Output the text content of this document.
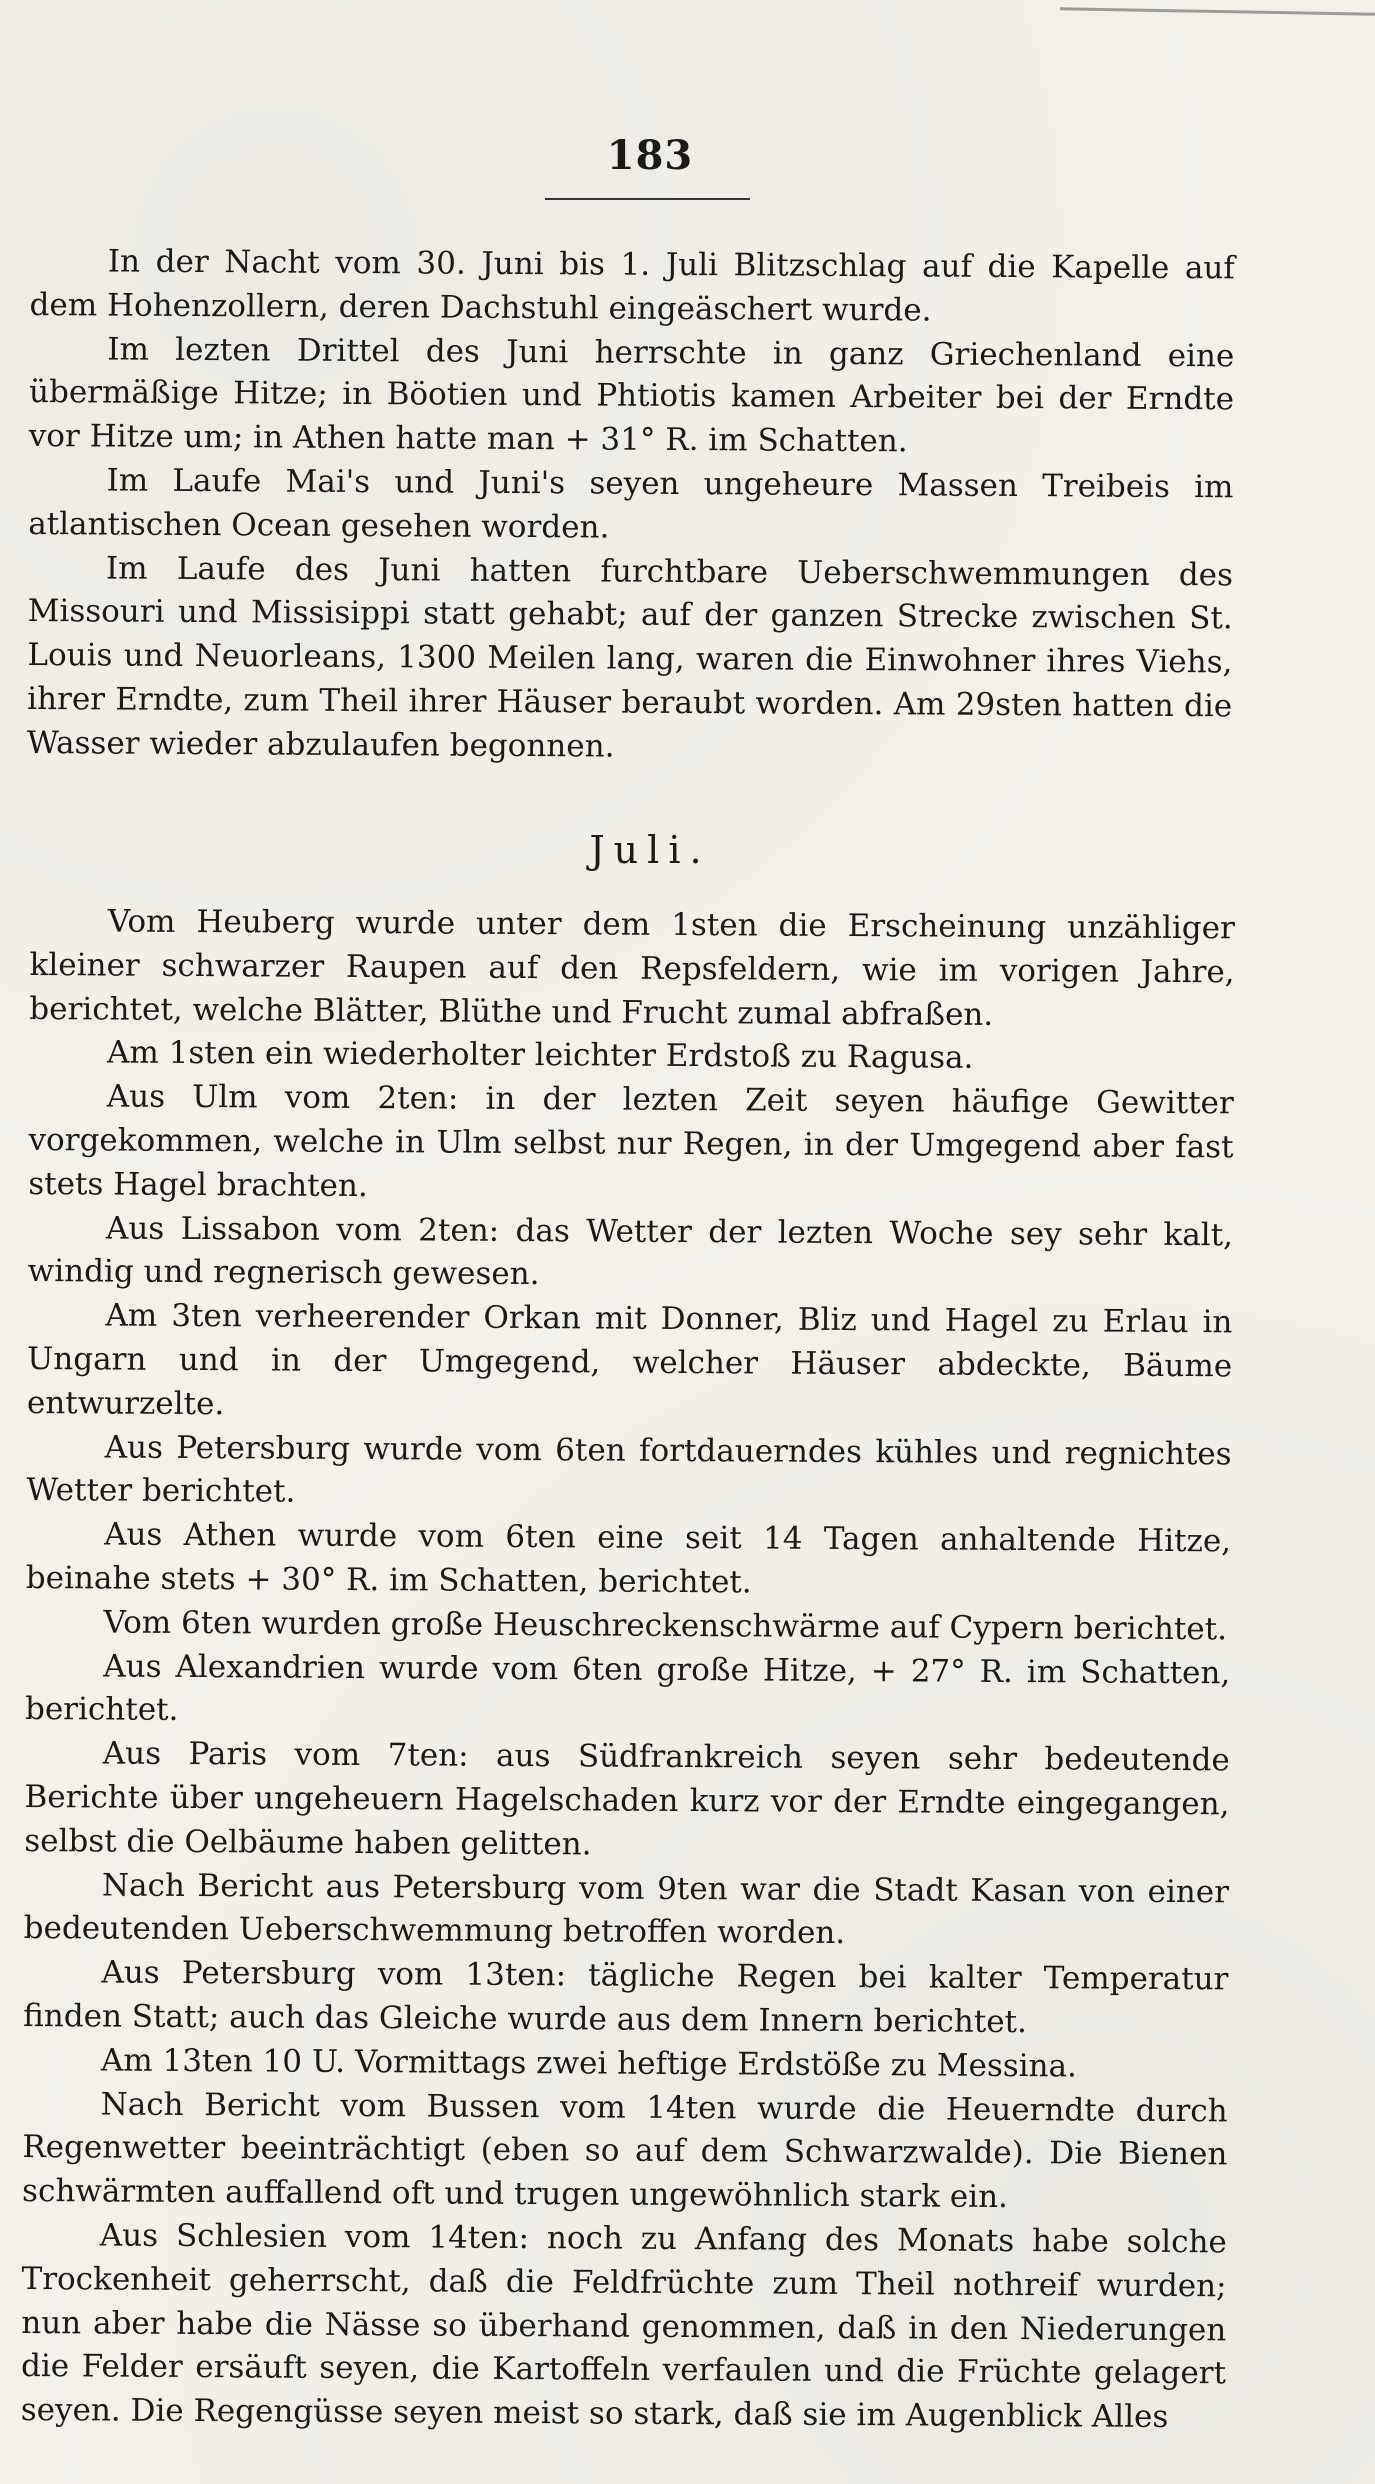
183

In der Nacht vom 30. Juni bis 1. Juli Blitzschlag auf die Kapelle auf dem Hohenzollern, deren Dachstuhl eingeäschert wurde.

Im lezten Drittel des Juni herrschte in ganz Griechenland eine übermäßige Hitze; in Böotien und Phtiotis kamen Arbeiter bei der Erndte vor Hitze um; in Athen hatte man + 31° R. im Schatten.

Im Laufe Mai's und Juni's seyen ungeheure Massen Treibeis im atlantischen Ocean gesehen worden.

Im Laufe des Juni hatten furchtbare Ueberschwemmungen des Missouri und Missisippi statt gehabt; auf der ganzen Strecke zwischen St. Louis und Neuorleans, 1300 Meilen lang, waren die Einwohner ihres Viehs, ihrer Erndte, zum Theil ihrer Häuser beraubt worden. Am 29sten hatten die Wasser wieder abzulaufen begonnen.

Juli.

Vom Heuberg wurde unter dem 1sten die Erscheinung unzähliger kleiner schwarzer Raupen auf den Repsfeldern, wie im vorigen Jahre, berichtet, welche Blätter, Blüthe und Frucht zumal abfraßen.

Am 1sten ein wiederholter leichter Erdstoß zu Ragusa.

Aus Ulm vom 2ten: in der lezten Zeit seyen häufige Gewitter vorgekommen, welche in Ulm selbst nur Regen, in der Umgegend aber fast stets Hagel brachten.

Aus Lissabon vom 2ten: das Wetter der lezten Woche sey sehr kalt, windig und regnerisch gewesen.

Am 3ten verheerender Orkan mit Donner, Bliz und Hagel zu Erlau in Ungarn und in der Umgegend, welcher Häuser abdeckte, Bäume entwurzelte.

Aus Petersburg wurde vom 6ten fortdauerndes kühles und regnichtes Wetter berichtet.

Aus Athen wurde vom 6ten eine seit 14 Tagen anhaltende Hitze, beinahe stets + 30° R. im Schatten, berichtet.

Vom 6ten wurden große Heuschreckenschwärme auf Cypern berichtet.

Aus Alexandrien wurde vom 6ten große Hitze, + 27° R. im Schatten, berichtet.

Aus Paris vom 7ten: aus Südfrankreich seyen sehr bedeutende Berichte über ungeheuern Hagelschaden kurz vor der Erndte eingegangen, selbst die Oelbäume haben gelitten.

Nach Bericht aus Petersburg vom 9ten war die Stadt Kasan von einer bedeutenden Ueberschwemmung betroffen worden.

Aus Petersburg vom 13ten: tägliche Regen bei kalter Temperatur finden Statt; auch das Gleiche wurde aus dem Innern berichtet.

Am 13ten 10 U. Vormittags zwei heftige Erdstöße zu Messina.

Nach Bericht vom Bussen vom 14ten wurde die Heuerndte durch Regenwetter beeinträchtigt (eben so auf dem Schwarzwalde). Die Bienen schwärmten auffallend oft und trugen ungewöhnlich stark ein.

Aus Schlesien vom 14ten: noch zu Anfang des Monats habe solche Trockenheit geherrscht, daß die Feldfrüchte zum Theil nothreif wurden; nun aber habe die Nässe so überhand genommen, daß in den Niederungen die Felder ersäuft seyen, die Kartoffeln verfaulen und die Früchte gelagert seyen. Die Regengüsse seyen meist so stark, daß sie im Augenblick Alles
